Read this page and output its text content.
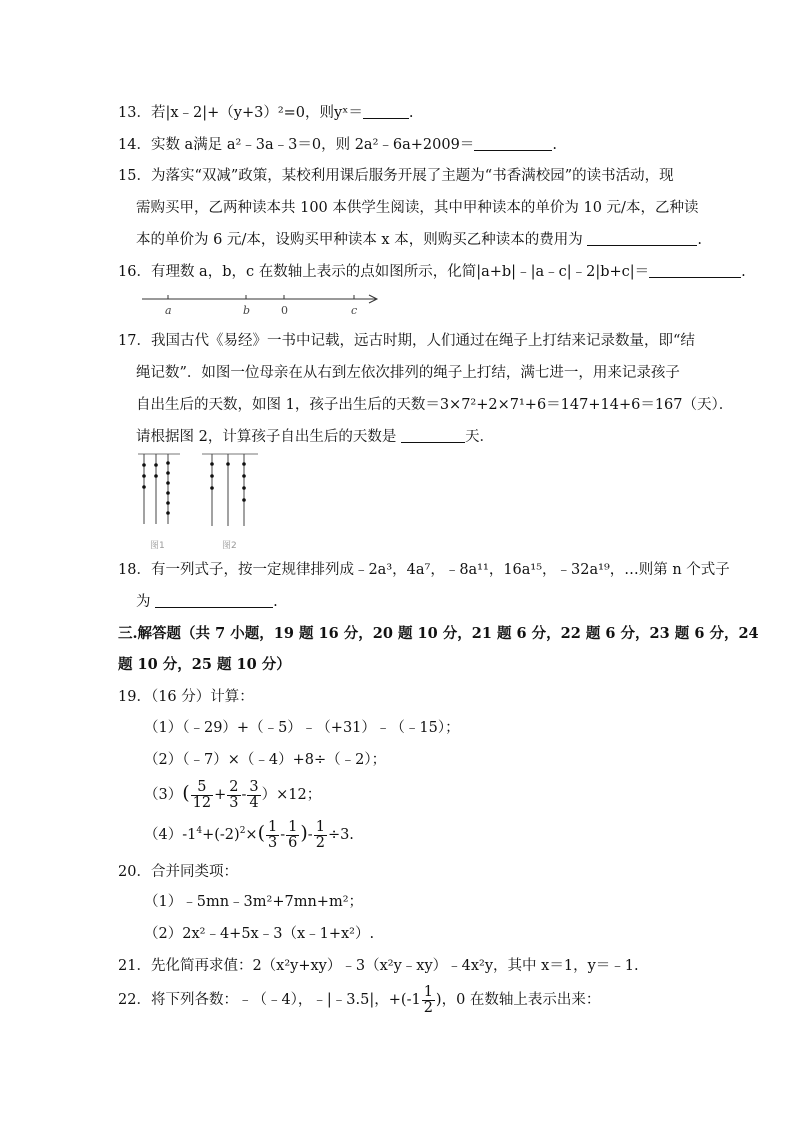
13．若|x﹣2|+（y+3）²=0，则yˣ＝	.
14．实数 a满足 a²﹣3a﹣3＝0，则 2a²﹣6a+2009＝	.
15．为落实“双减”政策，某校利用课后服务开展了主题为“书香满校园”的读书活动，现
需购买甲，乙两种读本共 100 本供学生阅读，其中甲种读本的单价为 10 元/本，乙种读
本的单价为 6 元/本，设购买甲种读本 x 本，则购买乙种读本的费用为	.
16．有理数 a，b，c 在数轴上表示的点如图所示，化简|a+b|﹣|a﹣c|﹣2|b+c|＝	.
a	b	0	c
17．我国古代《易经》一书中记载，远古时期，人们通过在绳子上打结来记录数量，即“结
绳记数”．如图一位母亲在从右到左依次排列的绳子上打结，满七进一，用来记录孩子
自出生后的天数，如图 1，孩子出生后的天数＝3×7²+2×7¹+6＝147+14+6＝167（天）．
请根据图 2，计算孩子自出生后的天数是	天．
图1	图2
18．有一列式子，按一定规律排列成﹣2a³，4a⁷，﹣8a¹¹，16a¹⁵，﹣32a¹⁹，…则第 n 个式子
为	.
三.解答题（共 7 小题，19 题 16 分，20 题 10 分，21 题 6 分，22 题 6 分，23 题 6 分，24
题 10 分，25 题 10 分）
19．（16 分）计算：
（1）（﹣29）+（﹣5）﹣（+31）﹣（﹣15）；
（2）（﹣7）×（﹣4）+8÷（﹣2）；
$(3)( \frac{5}{12} + \frac{2}{3} - \frac{3}{4} )\times 12$；
$(4)-1^4+(-2)^2\times( \frac{1}{3} - \frac{1}{6}$ )- $\frac{1}{2} \div 3$.
20．合并同类项：
（1）﹣5mn﹣3m²+7mn+m²；
（2）2x²﹣4+5x﹣3（x﹣1+x²）.
21．先化简再求值：2（x²y+xy）﹣3（x²y﹣xy）﹣4x²y，其中 x＝1，y＝﹣1.
22．将下列各数：﹣（﹣4），﹣|﹣3.5|，$+(-1 \frac{1}{2}$ )，0 在数轴上表示出来：
